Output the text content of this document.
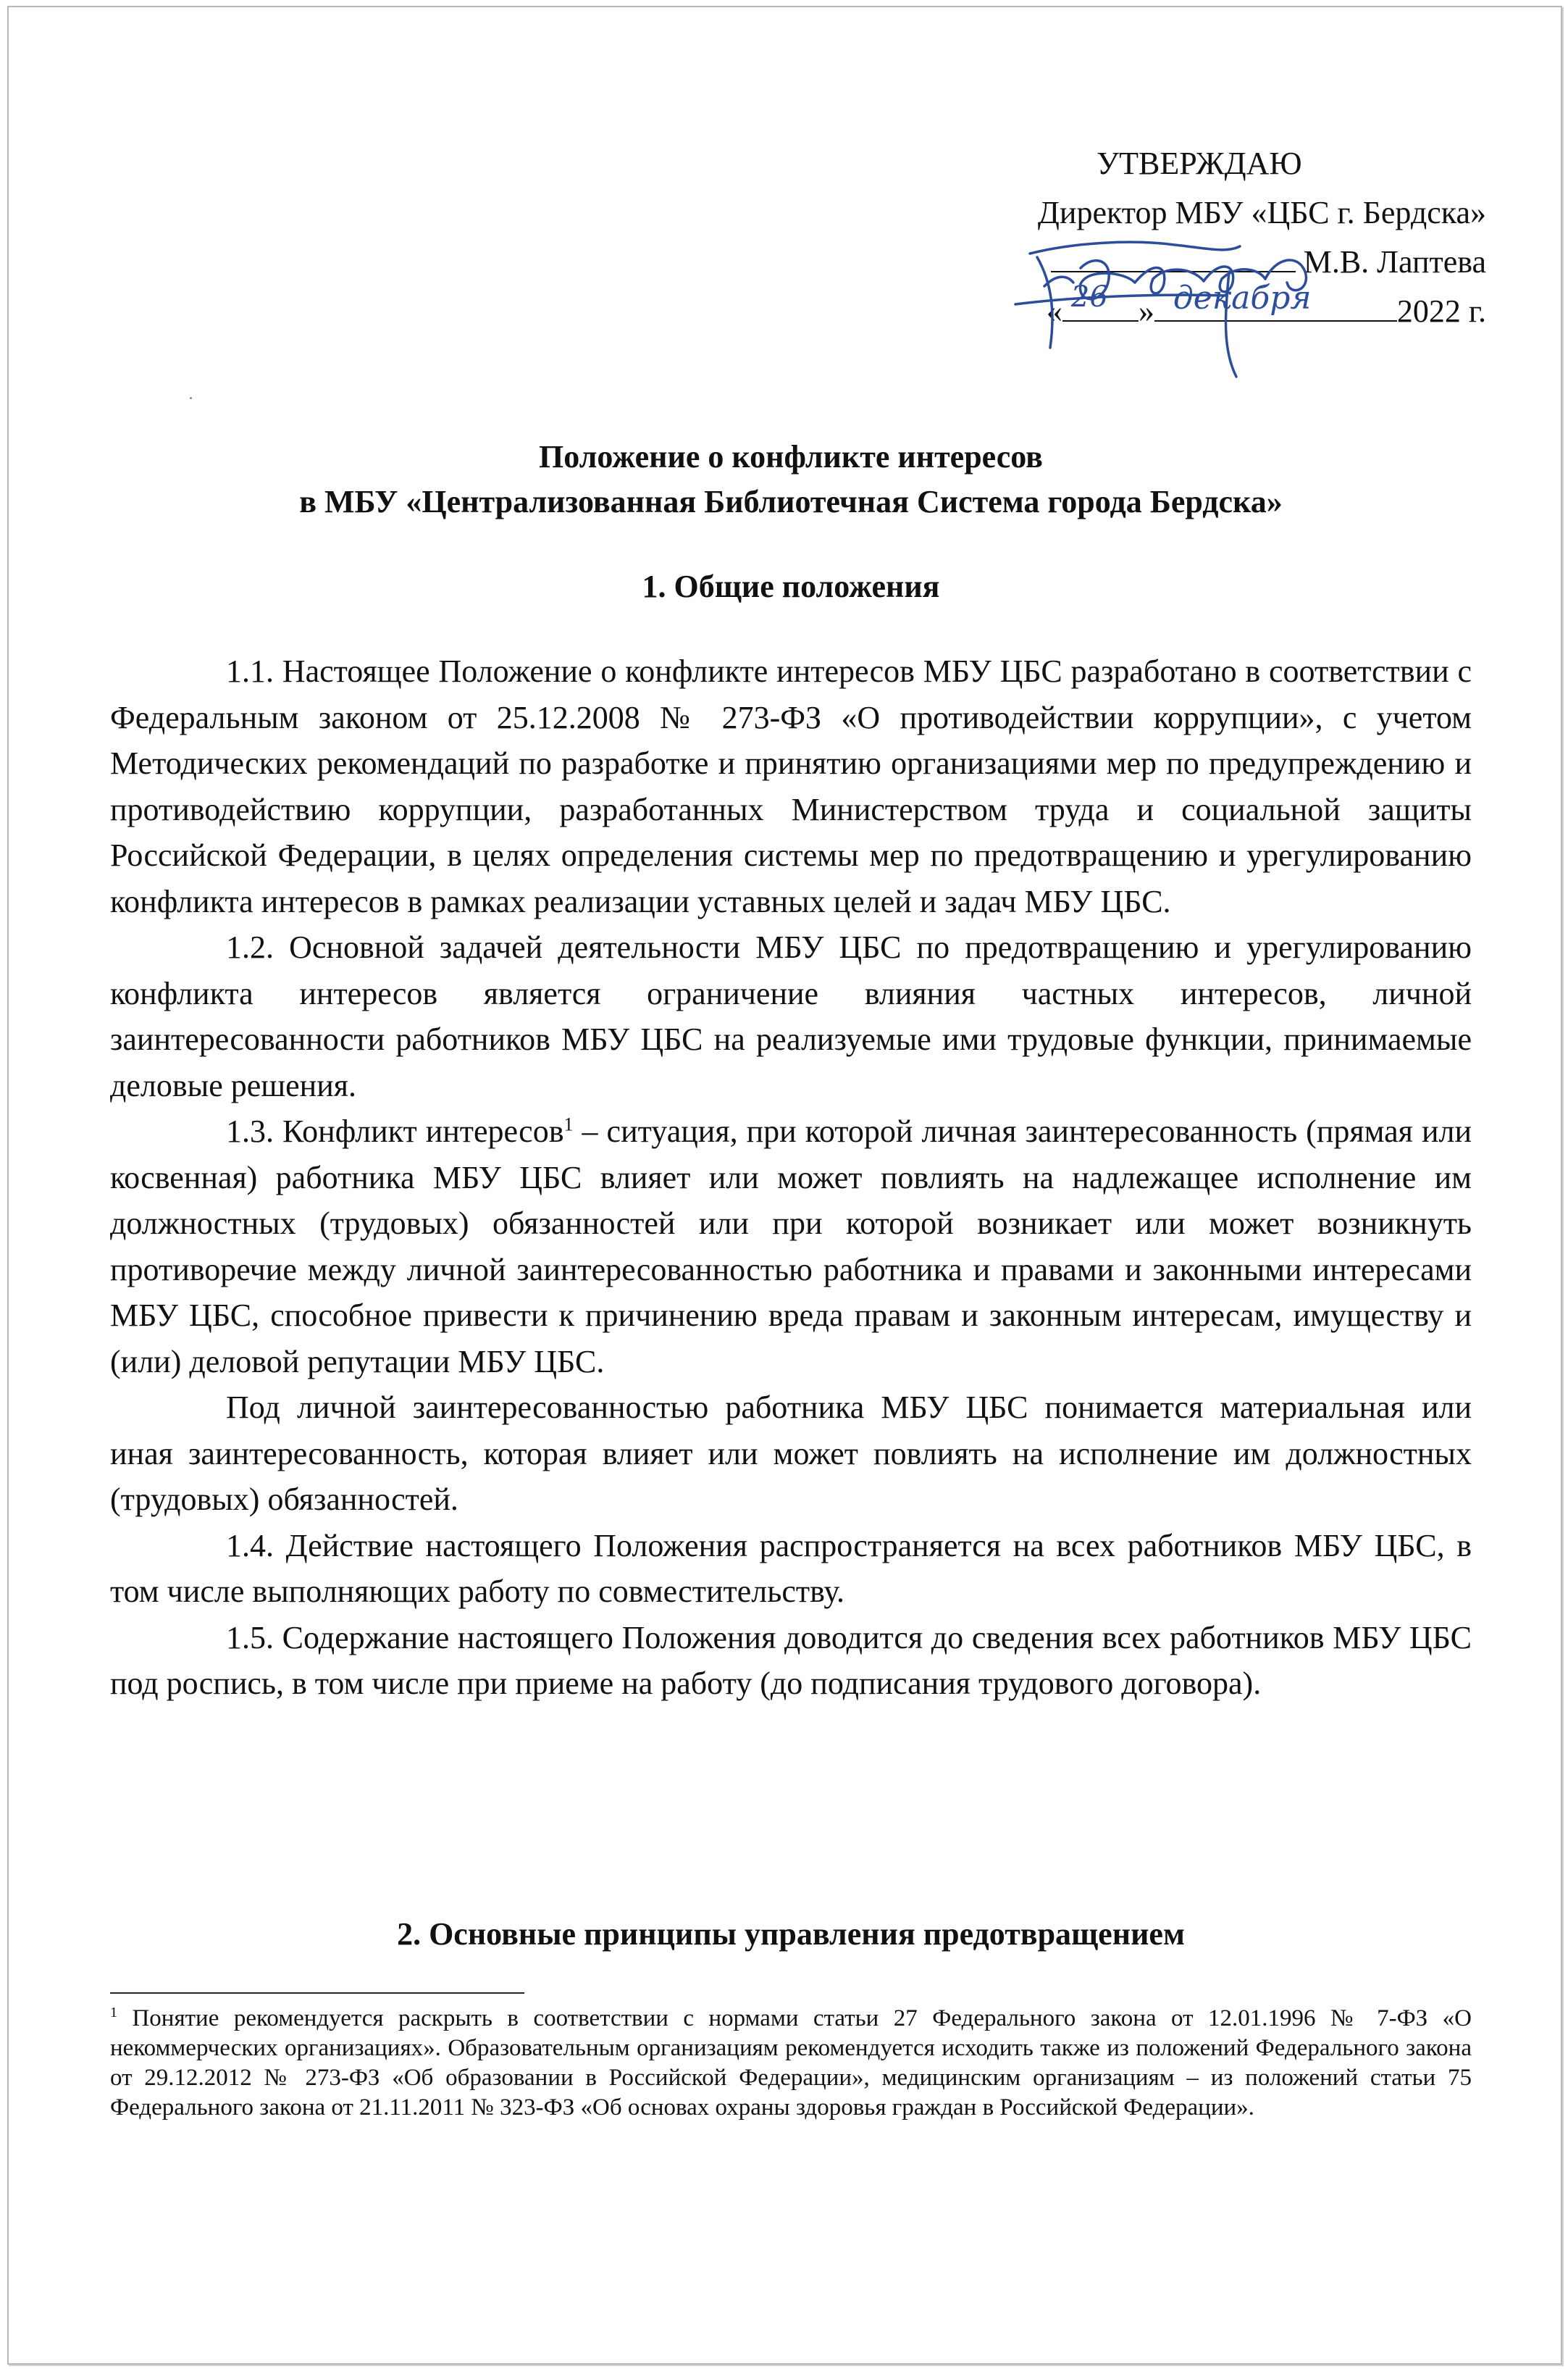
УТВЕРЖДАЮ
Директор МБУ «ЦБС г. Бердска»
М.В. Лаптева
« 26 » декабря	2022 г.
Положение о конфликте интересов
в МБУ «Централизованная Библиотечная Система города Бердска»
1. Общие положения

1.1. Настоящее Положение о конфликте интересов МБУ ЦБС разработано в соответствии с Федеральным законом от 25.12.2008 № 273-ФЗ «О противодействии коррупции», с учетом Методических рекомендаций по разработке и принятию организациями мер по предупреждению и противодействию коррупции, разработанных Министерством труда и социальной защиты Российской Федерации, в целях определения системы мер по предотвращению и урегулированию конфликта интересов в рамках реализации уставных целей и задач МБУ ЦБС.

1.2. Основной задачей деятельности МБУ ЦБС по предотвращению и урегулированию конфликта интересов является ограничение влияния частных интересов, личной заинтересованности работников МБУ ЦБС на реализуемые ими трудовые функции, принимаемые деловые решения.

1.3. Конфликт интересов$^1$ – ситуация, при которой личная заинтересованность (прямая или косвенная) работника МБУ ЦБС влияет или может повлиять на надлежащее исполнение им должностных (трудовых) обязанностей или при которой возникает или может возникнуть противоречие между личной заинтересованностью работника и правами и законными интересами МБУ ЦБС, способное привести к причинению вреда правам и законным интересам, имуществу и (или) деловой репутации МБУ ЦБС.

Под личной заинтересованностью работника МБУ ЦБС понимается материальная или иная заинтересованность, которая влияет или может повлиять на исполнение им должностных (трудовых) обязанностей.

1.4. Действие настоящего Положения распространяется на всех работников МБУ ЦБС, в том числе выполняющих работу по совместительству.

1.5. Содержание настоящего Положения доводится до сведения всех работников МБУ ЦБС под роспись, в том числе при приеме на работу (до подписания трудового договора).

2. Основные принципы управления предотвращением
$^1$ Понятие рекомендуется раскрыть в соответствии с нормами статьи 27 Федерального закона от 12.01.1996 № 7-ФЗ «О некоммерческих организациях». Образовательным организациям рекомендуется исходить также из положений Федерального закона от 29.12.2012 № 273-ФЗ «Об образовании в Российской Федерации», медицинским организациям – из положений статьи 75 Федерального закона от 21.11.2011 № 323-ФЗ «Об основах охраны здоровья граждан в Российской Федерации».
